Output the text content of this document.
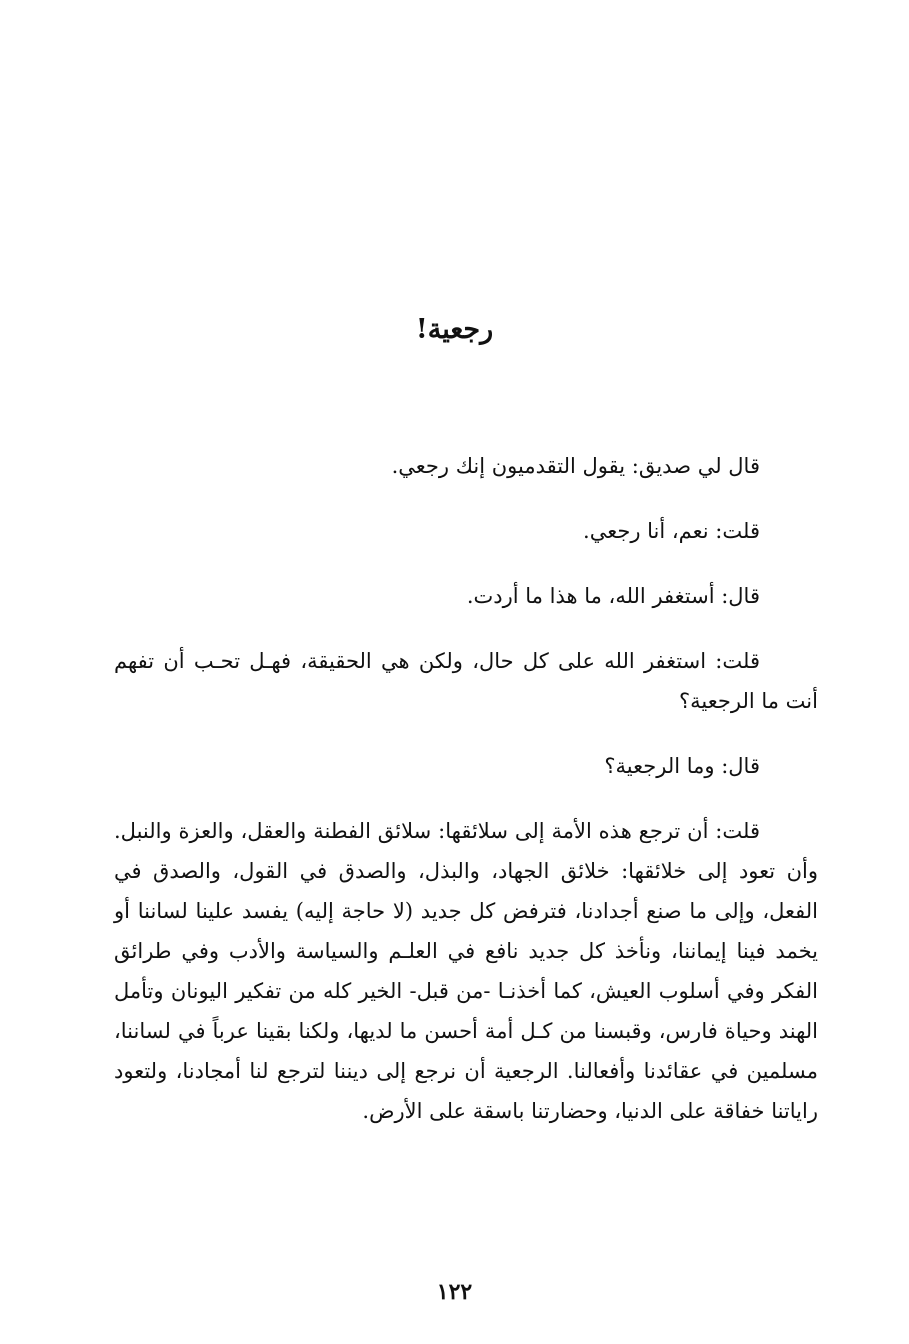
رجعية!

قال لي صديق: يقول التقدميون إنك رجعي.

قلت: نعم، أنا رجعي.

قال: أستغفر الله، ما هذا ما أردت.

قلت: استغفر الله على كل حال، ولكن هي الحقيقة، فهـل تحـب أن تفهم أنت ما الرجعية؟

قال: وما الرجعية؟

قلت: أن ترجع هذه الأمة إلى سلائقها: سلائق الفطنة والعقل، والعزة والنبل. وأن تعود إلى خلائقها: خلائق الجهاد، والبذل، والصدق في القول، والصدق في الفعل، وإلى ما صنع أجدادنا، فترفض كل جديد (لا حاجة إليه) يفسد علينا لساننا أو يخمد فينا إيماننا، ونأخذ كل جديد نافع في العلـم والسياسة والأدب وفي طرائق الفكر وفي أسلوب العيش، كما أخذنـا -من قبل- الخير كله من تفكير اليونان وتأمل الهند وحياة فارس، وقبسنا من كـل أمة أحسن ما لديها، ولكنا بقينا عرباً في لساننا، مسلمين في عقائدنا وأفعالنا. الرجعية أن نرجع إلى ديننا لترجع لنا أمجادنا، ولتعود راياتنا خفاقة على الدنيا، وحضارتنا باسقة على الأرض.

١٢٢
